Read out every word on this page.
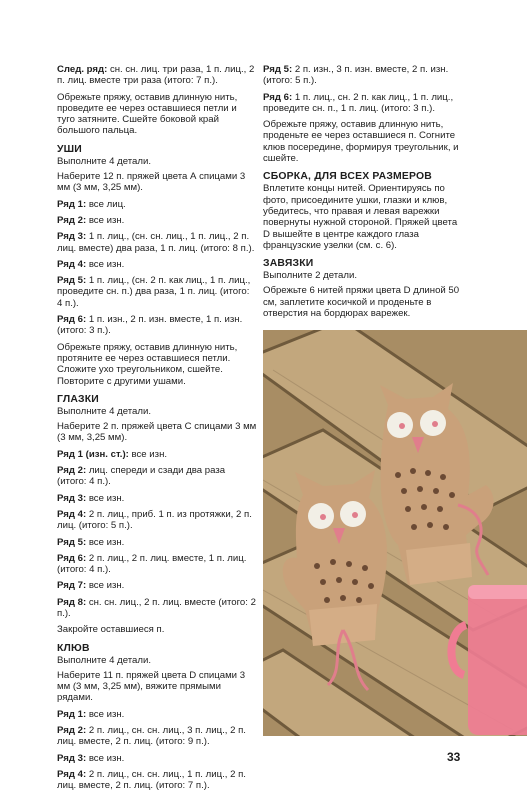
След. ряд: сн. сн. лиц. три раза, 1 п. лиц., 2 п. лиц. вместе три раза (итого: 7 п.).

Обрежьте пряжу, оставив длинную нить, проведите ее через оставшиеся петли и туго затяните. Сшейте боковой край большого пальца.

УШИ

Выполните 4 детали.

Наберите 12 п. пряжей цвета А спицами 3 мм (3 мм, 3,25 мм).

Ряд 1: все лиц.

Ряд 2: все изн.

Ряд 3: 1 п. лиц., (сн. сн. лиц., 1 п. лиц., 2 п. лиц. вместе) два раза, 1 п. лиц. (итого: 8 п.).

Ряд 4: все изн.

Ряд 5: 1 п. лиц., (сн. 2 п. как лиц., 1 п. лиц., проведите сн. п.) два раза, 1 п. лиц. (итого: 4 п.).

Ряд 6: 1 п. изн., 2 п. изн. вместе, 1 п. изн. (итого: 3 п.).

Обрежьте пряжу, оставив длинную нить, протяните ее через оставшиеся петли. Сложите ухо треугольником, сшейте. Повторите с другими ушами.

ГЛАЗКИ

Выполните 4 детали.

Наберите 2 п. пряжей цвета С спицами 3 мм (3 мм, 3,25 мм).

Ряд 1 (изн. ст.): все изн.

Ряд 2: лиц. спереди и сзади два раза (итого: 4 п.).

Ряд 3: все изн.

Ряд 4: 2 п. лиц., приб. 1 п. из протяжки, 2 п. лиц. (итого: 5 п.).

Ряд 5: все изн.

Ряд 6: 2 п. лиц., 2 п. лиц. вместе, 1 п. лиц. (итого: 4 п.).

Ряд 7: все изн.

Ряд 8: сн. сн. лиц., 2 п. лиц. вместе (итого: 2 п.).

Закройте оставшиеся п.

КЛЮВ

Выполните 4 детали.

Наберите 11 п. пряжей цвета D спицами 3 мм (3 мм, 3,25 мм), вяжите прямыми рядами.

Ряд 1: все изн.

Ряд 2: 2 п. лиц., сн. сн. лиц., 3 п. лиц., 2 п. лиц. вместе, 2 п. лиц. (итого: 9 п.).

Ряд 3: все изн.

Ряд 4: 2 п. лиц., сн. сн. лиц., 1 п. лиц., 2 п. лиц. вместе, 2 п. лиц. (итого: 7 п.).

Ряд 5: 2 п. изн., 3 п. изн. вместе, 2 п. изн. (итого: 5 п.).

Ряд 6: 1 п. лиц., сн. 2 п. как лиц., 1 п. лиц., проведите сн. п., 1 п. лиц. (итого: 3 п.).

Обрежьте пряжу, оставив длинную нить, проденьте ее через оставшиеся п. Согните клюв посередине, формируя треугольник, и сшейте.

СБОРКА, ДЛЯ ВСЕХ РАЗМЕРОВ

Вплетите концы нитей. Ориентируясь по фото, присоедините ушки, глазки и клюв, убедитесь, что правая и левая варежки повернуты нужной стороной. Пряжей цвета D вышейте в центре каждого глаза французские узелки (см. с. 6).

ЗАВЯЗКИ

Выполните 2 детали.

Обрежьте 6 нитей пряжи цвета D длиной 50 см, заплетите косичкой и проденьте в отверстия на бордюрах варежек.

33
